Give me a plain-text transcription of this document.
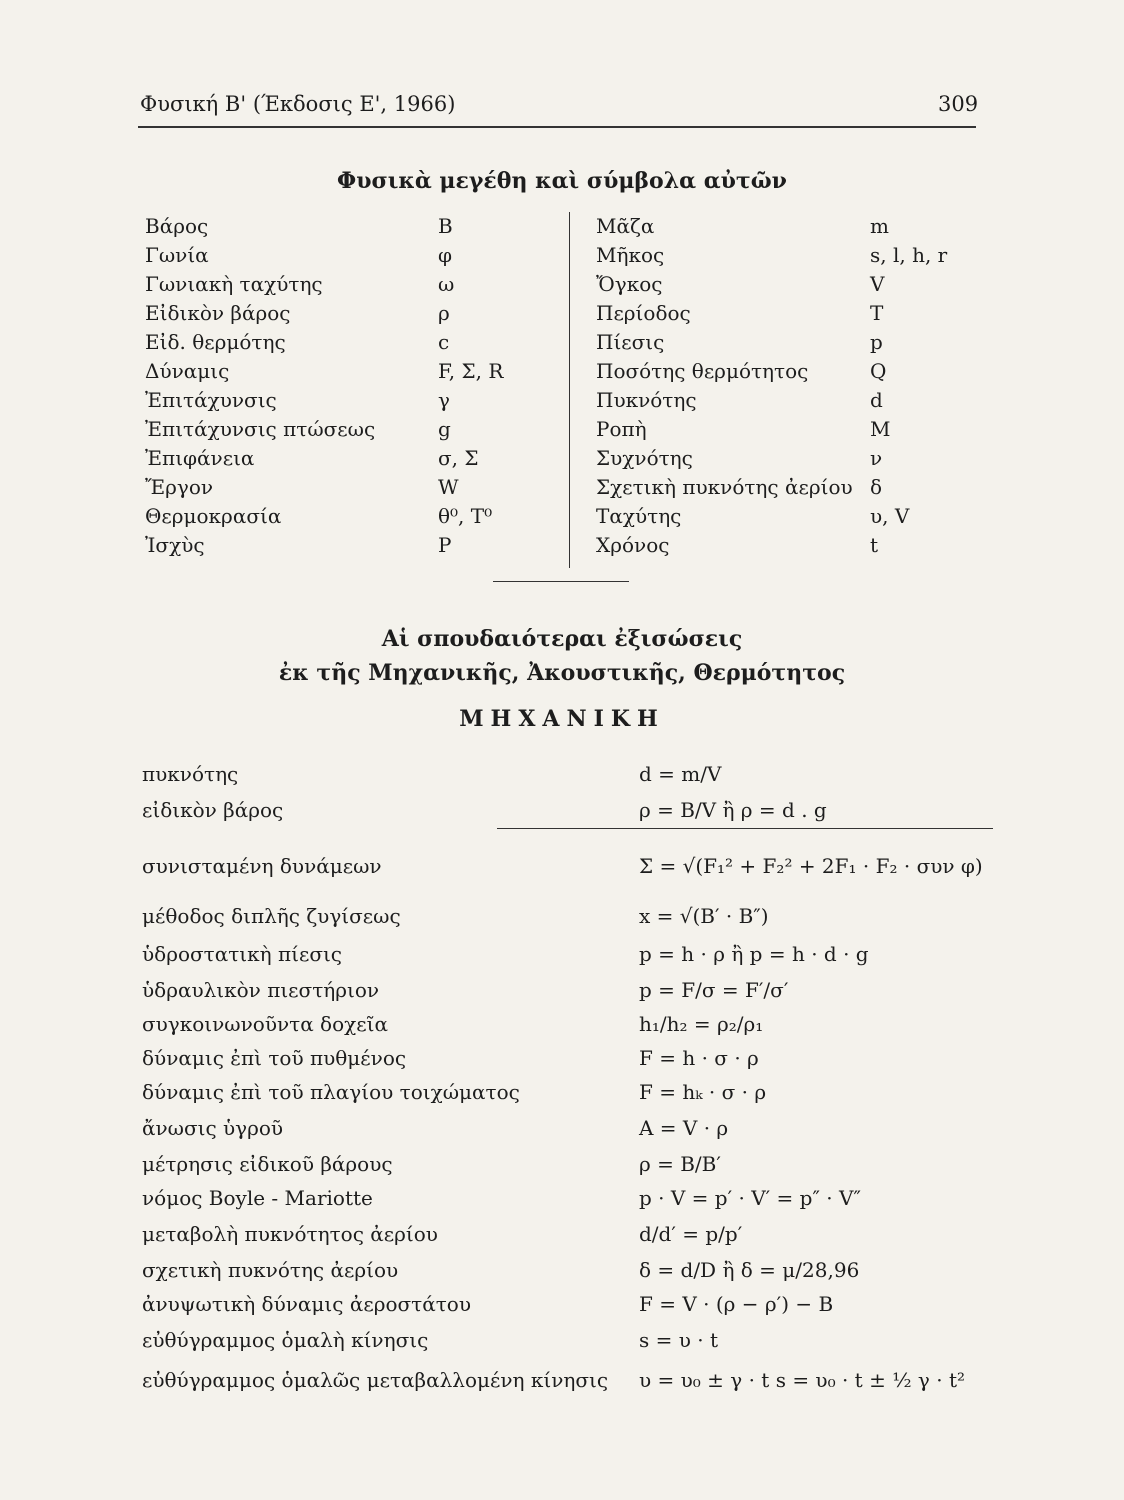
Φυσική Β' (Έκδοσις Ε', 1966)	309
Φυσικὰ μεγέθη καὶ σύμβολα αὐτῶν
Βάρος	Β
Γωνία	φ
Γωνιακὴ ταχύτης	ω
Εἰδικὸν βάρος	ρ
Εἰδ. θερμότης	c
Δύναμις	F, Σ, R
Ἐπιτάχυνσις	γ
Ἐπιτάχυνσις πτώσεως	g
Ἐπιφάνεια	σ, Σ
Ἔργον	W
Θερμοκρασία	θ⁰, T⁰
Ἰσχὺς	P
Μᾶζα	m
Μῆκος	s, l, h, r
Ὄγκος	V
Περίοδος	T
Πίεσις	p
Ποσότης θερμότητος	Q
Πυκνότης	d
Ροπὴ	M
Συχνότης	ν
Σχετικὴ πυκνότης ἀερίου δ
Ταχύτης	υ, V
Χρόνος	t
Αἱ σπουδαιότεραι ἐξισώσεις
ἐκ τῆς Μηχανικῆς, Ἀκουστικῆς, Θερμότητος
ΜΗΧΑΝΙΚΗ
πυκνότης	d = m/V
εἰδικὸν βάρος	ρ = B/V ἢ ρ = d . g
συνισταμένη δυνάμεων	Σ = √(F₁² + F₂² + 2F₁ · F₂ · συν φ)
μέθοδος διπλῆς ζυγίσεως	x = √(B′ · B″)
ὑδροστατικὴ πίεσις	p = h · ρ ἢ p = h · d · g
ὑδραυλικὸν πιεστήριον	p = F/σ = F′/σ′
συγκοινωνοῦντα δοχεῖα	h₁/h₂ = ρ₂/ρ₁
δύναμις ἐπὶ τοῦ πυθμένος	F = h · σ · ρ
δύναμις ἐπὶ τοῦ πλαγίου τοιχώματος	F = hₖ · σ · ρ
ἄνωσις ὑγροῦ	A = V · ρ
μέτρησις εἰδικοῦ βάρους	ρ = B/B′
νόμος Boyle - Mariotte	p · V = p′ · V′ = p″ · V″
μεταβολὴ πυκνότητος ἀερίου	d/d′ = p/p′
σχετικὴ πυκνότης ἀερίου	δ = d/D ἢ δ = μ/28,96
ἀνυψωτικὴ δύναμις ἀεροστάτου	F = V · (ρ − ρ′) − B
εὐθύγραμμος ὁμαλὴ κίνησις	s = υ · t
εὐθύγραμμος ὁμαλῶς μεταβαλλομένη κίνησις υ = υ₀ ± γ · t s = υ₀ · t ± ½ γ · t²
